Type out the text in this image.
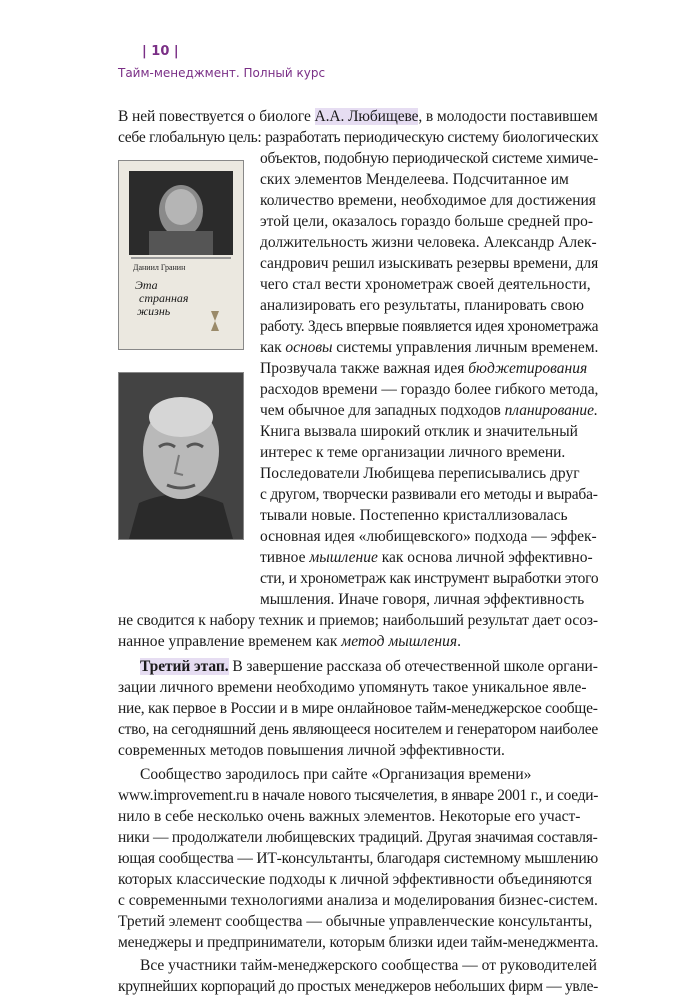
| 10 |
Тайм-менеджмент. Полный курс
Даниил Гранин
Эта
странная
жизнь
В ней повествуется о биологе А.А. Любищеве, в молодости поставившем
себе глобальную цель: разработать периодическую систему биологических
объектов, подобную периодической системе химиче-
ских элементов Менделеева. Подсчитанное им
количество времени, необходимое для достижения
этой цели, оказалось гораздо больше средней про-
должительность жизни человека. Александр Алек-
сандрович решил изыскивать резервы времени, для
чего стал вести хронометраж своей деятельности,
анализировать его результаты, планировать свою
работу. Здесь впервые появляется идея хронометража
как основы системы управления личным временем.
Прозвучала также важная идея бюджетирования
расходов времени — гораздо более гибкого метода,
чем обычное для западных подходов планирование.
Книга вызвала широкий отклик и значительный
интерес к теме организации личного времени.
Последователи Любищева переписывались друг
с другом, творчески развивали его методы и выраба-
тывали новые. Постепенно кристаллизовалась
основная идея «любищевского» подхода — эффек-
тивное мышление как основа личной эффективно-
сти, и хронометраж как инструмент выработки этого
мышления. Иначе говоря, личная эффективность
не сводится к набору техник и приемов; наибольший результат дает осоз-
нанное управление временем как метод мышления.
Третий этап. В завершение рассказа об отечественной школе органи-
зации личного времени необходимо упомянуть такое уникальное явле-
ние, как первое в России и в мире онлайновое тайм-менеджерское сообще-
ство, на сегодняшний день являющееся носителем и генератором наиболее
современных методов повышения личной эффективности.
Сообщество зародилось при сайте «Организация времени»
www.improvement.ru в начале нового тысячелетия, в январе 2001 г., и соеди-
нило в себе несколько очень важных элементов. Некоторые его участ-
ники — продолжатели любищевских традиций. Другая значимая составля-
ющая сообщества — ИТ-консультанты, благодаря системному мышлению
которых классические подходы к личной эффективности объединяются
с современными технологиями анализа и моделирования бизнес-систем.
Третий элемент сообщества — обычные управленческие консультанты,
менеджеры и предприниматели, которым близки идеи тайм-менеджмента.
Все участники тайм-менеджерского сообщества — от руководителей
крупнейших корпораций до простых менеджеров небольших фирм — увле-
